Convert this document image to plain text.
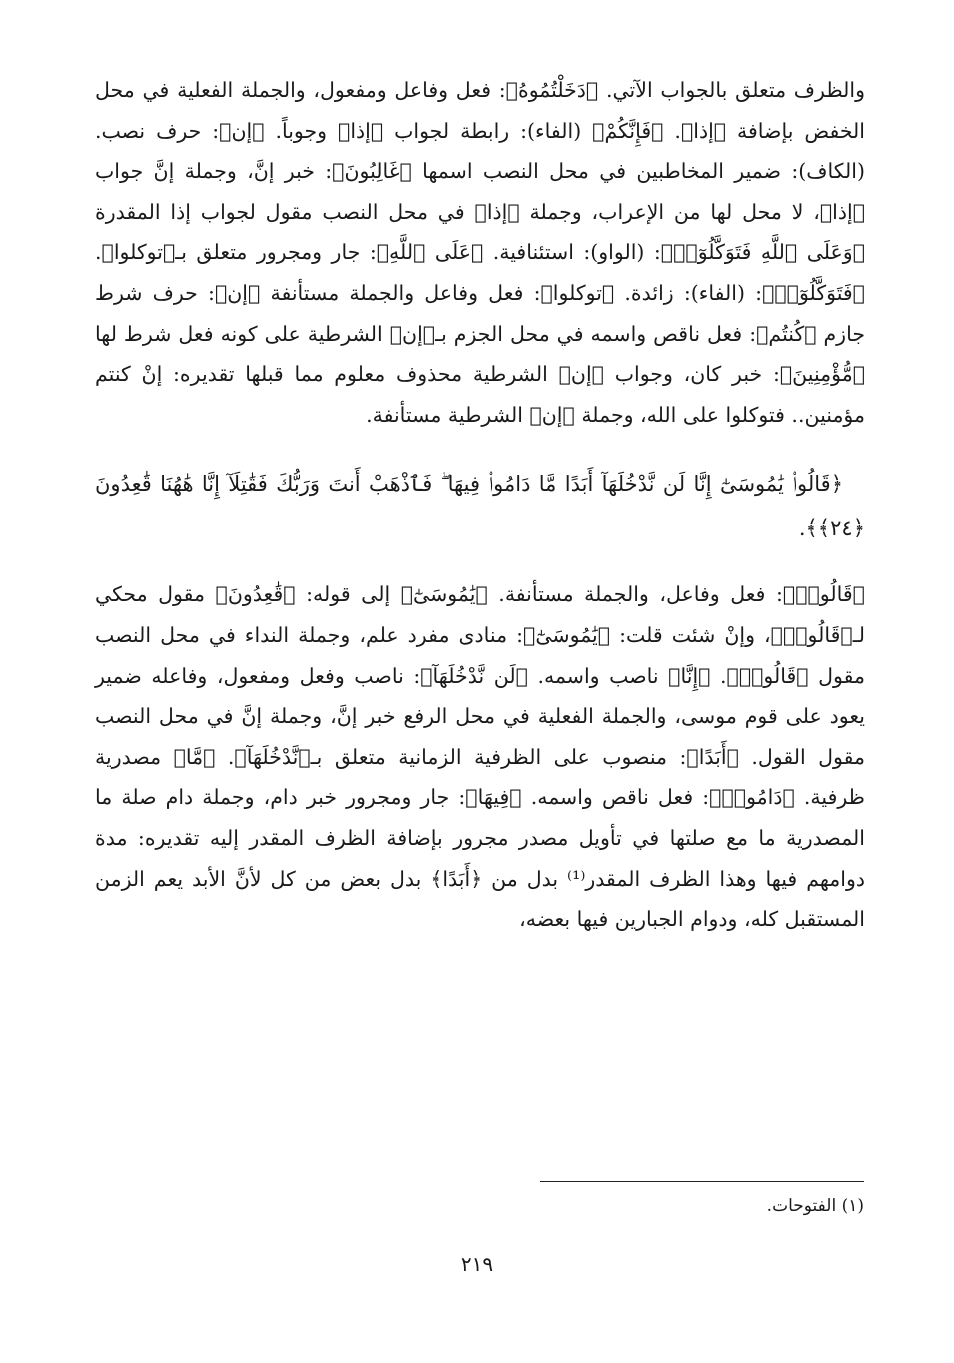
والظرف متعلق بالجواب الآتي. ﴿دَخَلْتُمُوهُ﴾: فعل وفاعل ومفعول، والجملة الفعلية في محل الخفض بإضافة ﴿إذا﴾. ﴿فَإِنَّكُمْ﴾ (الفاء): رابطة لجواب ﴿إذا﴾ وجوباً. ﴿إن﴾: حرف نصب. (الكاف): ضمير المخاطبين في محل النصب اسمها ﴿غَالِبُونَ﴾: خبر إنَّ، وجملة إنَّ جواب ﴿إذا﴾، لا محل لها من الإعراب، وجملة ﴿إذا﴾ في محل النصب مقول لجواب إذا المقدرة ﴿وَعَلَى ٱللَّهِ فَتَوَكَّلُوٓا۟﴾: (الواو): استئنافية. ﴿عَلَى ٱللَّهِ﴾: جار ومجرور متعلق بـ﴿توكلوا﴾. ﴿فَتَوَكَّلُوٓا۟﴾: (الفاء): زائدة. ﴿توكلوا﴾: فعل وفاعل والجملة مستأنفة ﴿إن﴾: حرف شرط جازم ﴿كُنتُم﴾: فعل ناقص واسمه في محل الجزم بـ﴿إن﴾ الشرطية على كونه فعل شرط لها ﴿مُّؤْمِنِينَ﴾: خبر كان، وجواب ﴿إن﴾ الشرطية محذوف معلوم مما قبلها تقديره: إنْ كنتم مؤمنين.. فتوكلوا على الله، وجملة ﴿إن﴾ الشرطية مستأنفة.

﴿قَالُوا۟ يَٰمُوسَىٰٓ إِنَّا لَن نَّدْخُلَهَآ أَبَدًا مَّا دَامُوا۟ فِيهَا ۖ فَٱذْهَبْ أَنتَ وَرَبُّكَ فَقَٰتِلَآ إِنَّا هَٰهُنَا قَٰعِدُونَ ﴿٢٤﴾﴾.

﴿قَالُوا۟﴾: فعل وفاعل، والجملة مستأنفة. ﴿يَٰمُوسَىٰٓ﴾ إلى قوله: ﴿قَٰعِدُونَ﴾ مقول محكي لـ﴿قَالُوا۟﴾، وإنْ شئت قلت: ﴿يَٰمُوسَىٰٓ﴾: منادى مفرد علم، وجملة النداء في محل النصب مقول ﴿قَالُوا۟﴾. ﴿إِنَّا﴾ ناصب واسمه. ﴿لَن نَّدْخُلَهَآ﴾: ناصب وفعل ومفعول، وفاعله ضمير يعود على قوم موسى، والجملة الفعلية في محل الرفع خبر إنَّ، وجملة إنَّ في محل النصب مقول القول. ﴿أَبَدًا﴾: منصوب على الظرفية الزمانية متعلق بـ﴿نَّدْخُلَهَآ﴾. ﴿مَّا﴾ مصدرية ظرفية. ﴿دَامُوا۟﴾: فعل ناقص واسمه. ﴿فِيهَا﴾: جار ومجرور خبر دام، وجملة دام صلة ما المصدرية ما مع صلتها في تأويل مصدر مجرور بإضافة الظرف المقدر إليه تقديره: مدة دوامهم فيها وهذا الظرف المقدر⁽¹⁾ بدل من ﴿أَبَدًا﴾ بدل بعض من كل لأنَّ الأبد يعم الزمن المستقبل كله، ودوام الجبارين فيها بعضه،

(١) الفتوحات.

٢١٩
